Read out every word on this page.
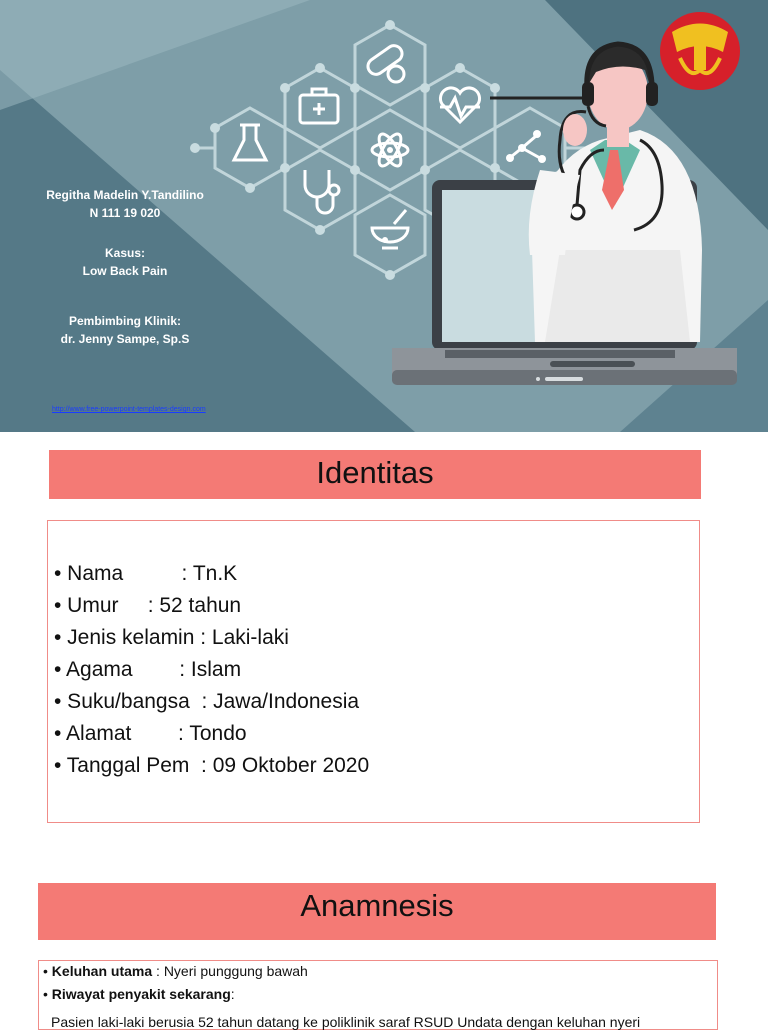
Regitha Madelin Y.Tandilino
N 111 19 020
Kasus:
Low Back Pain
Pembimbing Klinik:
dr. Jenny Sampe, Sp.S
http://www.free-powerpoint-templates-design.com
Identitas
• Nama          : Tn.K
• Umur     : 52 tahun
• Jenis kelamin : Laki-laki
• Agama        : Islam
• Suku/bangsa  : Jawa/Indonesia
• Alamat        : Tondo
• Tanggal Pem  : 09 Oktober 2020
Anamnesis
• Keluhan utama : Nyeri punggung bawah
• Riwayat penyakit sekarang:
Pasien laki-laki berusia 52 tahun datang ke poliklinik saraf RSUD Undata dengan keluhan nyeri
